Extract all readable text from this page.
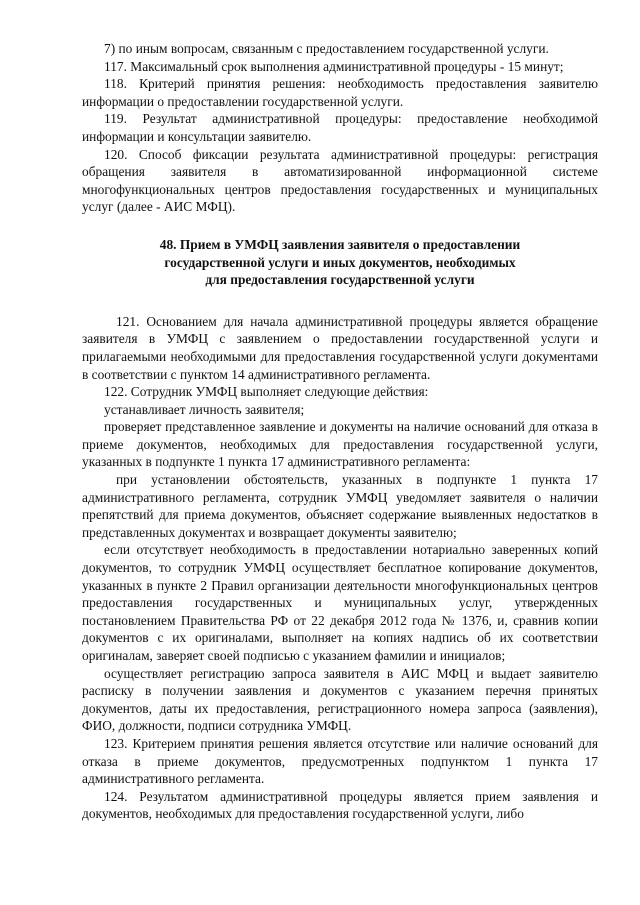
7) по иным вопросам, связанным с предоставлением государственной услуги.

117. Максимальный срок выполнения административной процедуры - 15 минут;

118. Критерий принятия решения: необходимость предоставления заявителю информации о предоставлении государственной услуги.

119. Результат административной процедуры: предоставление необходимой информации и консультации заявителю.

120. Способ фиксации результата административной процедуры: регистрация обращения заявителя в автоматизированной информационной системе многофункциональных центров предоставления государственных и муниципальных услуг (далее - АИС МФЦ).

48. Прием в УМФЦ заявления заявителя о предоставлении
государственной услуги и иных документов, необходимых
для предоставления государственной услуги

121. Основанием для начала административной процедуры является обращение заявителя в УМФЦ с заявлением о предоставлении государственной услуги и прилагаемыми необходимыми для предоставления государственной услуги документами в соответствии с пунктом 14 административного регламента.

122. Сотрудник УМФЦ выполняет следующие действия:

устанавливает личность заявителя;

проверяет представленное заявление и документы на наличие оснований для отказа в приеме документов, необходимых для предоставления государственной услуги, указанных в подпункте 1 пункта 17 административного регламента:

при установлении обстоятельств, указанных в подпункте 1 пункта 17 административного регламента, сотрудник УМФЦ уведомляет заявителя о наличии препятствий для приема документов, объясняет содержание выявленных недостатков в представленных документах и возвращает документы заявителю;

если отсутствует необходимость в предоставлении нотариально заверенных копий документов, то сотрудник УМФЦ осуществляет бесплатное копирование документов, указанных в пункте 2 Правил организации деятельности многофункциональных центров предоставления государственных и муниципальных услуг, утвержденных постановлением Правительства РФ от 22 декабря 2012 года № 1376, и, сравнив копии документов с их оригиналами, выполняет на копиях надпись об их соответствии оригиналам, заверяет своей подписью с указанием фамилии и инициалов;

осуществляет регистрацию запроса заявителя в АИС МФЦ и выдает заявителю расписку в получении заявления и документов с указанием перечня принятых документов, даты их предоставления, регистрационного номера запроса (заявления), ФИО, должности, подписи сотрудника УМФЦ.

123. Критерием принятия решения является отсутствие или наличие оснований для отказа в приеме документов, предусмотренных подпунктом 1 пункта 17 административного регламента.

124. Результатом административной процедуры является прием заявления и документов, необходимых для предоставления государственной услуги, либо
